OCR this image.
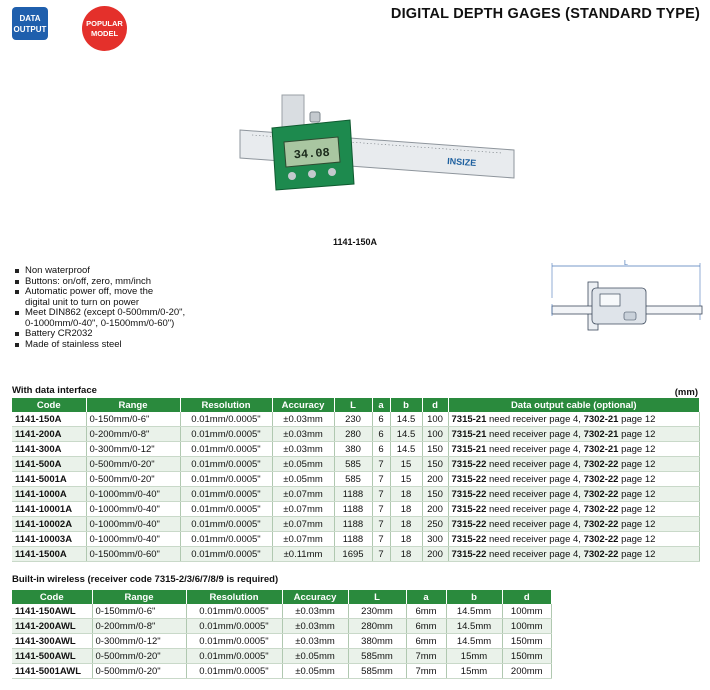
DATA
OUTPUT
POPULAR
MODEL
DIGITAL DEPTH GAGES (STANDARD TYPE)
34.08	INSIZE
1141-150A
Non waterproof
Buttons: on/off, zero, mm/inch
Automatic power off, move the
digital unit to turn on power
Meet DIN862 (except 0-500mm/0-20",
0-1000mm/0-40", 0-1500mm/0-60")
Battery CR2032
Made of stainless steel
L
With data interface	(mm)
Code	Range	Resolution	Accuracy	L	a	b	d	Data output cable (optional)
1141-150A	0-150mm/0-6"	0.01mm/0.0005"	±0.03mm	230	6	14.5	100	7315-21 need receiver page 4, 7302-21 page 12
1141-200A	0-200mm/0-8"	0.01mm/0.0005"	±0.03mm	280	6	14.5	100	7315-21 need receiver page 4, 7302-21 page 12
1141-300A	0-300mm/0-12"	0.01mm/0.0005"	±0.03mm	380	6	14.5	150	7315-21 need receiver page 4, 7302-21 page 12
1141-500A	0-500mm/0-20"	0.01mm/0.0005"	±0.05mm	585	7	15	150	7315-22 need receiver page 4, 7302-22 page 12
1141-5001A	0-500mm/0-20"	0.01mm/0.0005"	±0.05mm	585	7	15	200	7315-22 need receiver page 4, 7302-22 page 12
1141-1000A	0-1000mm/0-40"	0.01mm/0.0005"	±0.07mm	1188	7	18	150	7315-22 need receiver page 4, 7302-22 page 12
1141-10001A	0-1000mm/0-40"	0.01mm/0.0005"	±0.07mm	1188	7	18	200	7315-22 need receiver page 4, 7302-22 page 12
1141-10002A	0-1000mm/0-40"	0.01mm/0.0005"	±0.07mm	1188	7	18	250	7315-22 need receiver page 4, 7302-22 page 12
1141-10003A	0-1000mm/0-40"	0.01mm/0.0005"	±0.07mm	1188	7	18	300	7315-22 need receiver page 4, 7302-22 page 12
1141-1500A	0-1500mm/0-60"	0.01mm/0.0005"	±0.11mm	1695	7	18	200	7315-22 need receiver page 4, 7302-22 page 12
Built-in wireless (receiver code 7315-2/3/6/7/8/9 is required)
Code	Range	Resolution	Accuracy	L	a	b	d
1141-150AWL	0-150mm/0-6"	0.01mm/0.0005"	±0.03mm	230mm	6mm	14.5mm	100mm
1141-200AWL	0-200mm/0-8"	0.01mm/0.0005"	±0.03mm	280mm	6mm	14.5mm	100mm
1141-300AWL	0-300mm/0-12"	0.01mm/0.0005"	±0.03mm	380mm	6mm	14.5mm	150mm
1141-500AWL	0-500mm/0-20"	0.01mm/0.0005"	±0.05mm	585mm	7mm	15mm	150mm
1141-5001AWL	0-500mm/0-20"	0.01mm/0.0005"	±0.05mm	585mm	7mm	15mm	200mm
